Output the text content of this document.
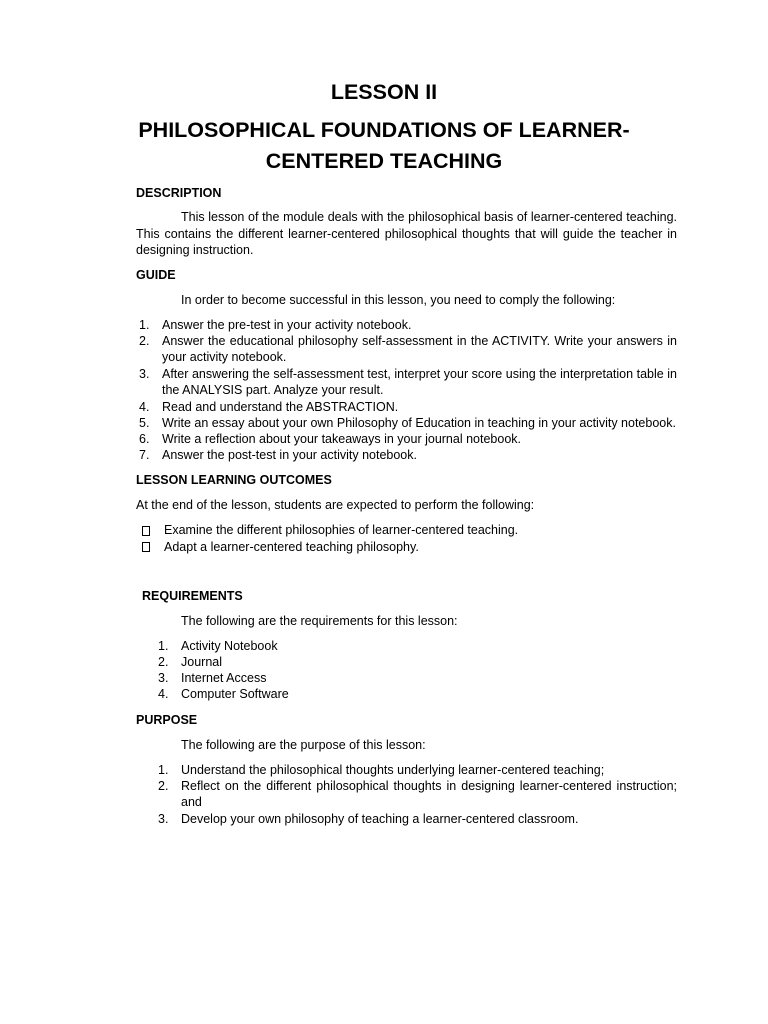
LESSON II
PHILOSOPHICAL FOUNDATIONS OF LEARNER-
CENTERED TEACHING
DESCRIPTION
This lesson of the module deals with the philosophical basis of learner-centered teaching.
This contains the different learner-centered philosophical thoughts that will guide the teacher in
designing instruction.
GUIDE
In order to become successful in this lesson, you need to comply the following:
1. Answer the pre-test in your activity notebook.
2. Answer the educational philosophy self-assessment in the ACTIVITY. Write your answers in
your activity notebook.
3. After answering the self-assessment test, interpret your score using the interpretation table in
the ANALYSIS part. Analyze your result.
4. Read and understand the ABSTRACTION.
5. Write an essay about your own Philosophy of Education in teaching in your activity notebook.
6. Write a reflection about your takeaways in your journal notebook.
7. Answer the post-test in your activity notebook.
LESSON LEARNING OUTCOMES
At the end of the lesson, students are expected to perform the following:
Examine the different philosophies of learner-centered teaching.
Adapt a learner-centered teaching philosophy.
REQUIREMENTS
The following are the requirements for this lesson:
1. Activity Notebook
2. Journal
3. Internet Access
4. Computer Software
PURPOSE
The following are the purpose of this lesson:
1. Understand the philosophical thoughts underlying learner-centered teaching;
2. Reflect on the different philosophical thoughts in designing learner-centered instruction;
and
3. Develop your own philosophy of teaching a learner-centered classroom.
